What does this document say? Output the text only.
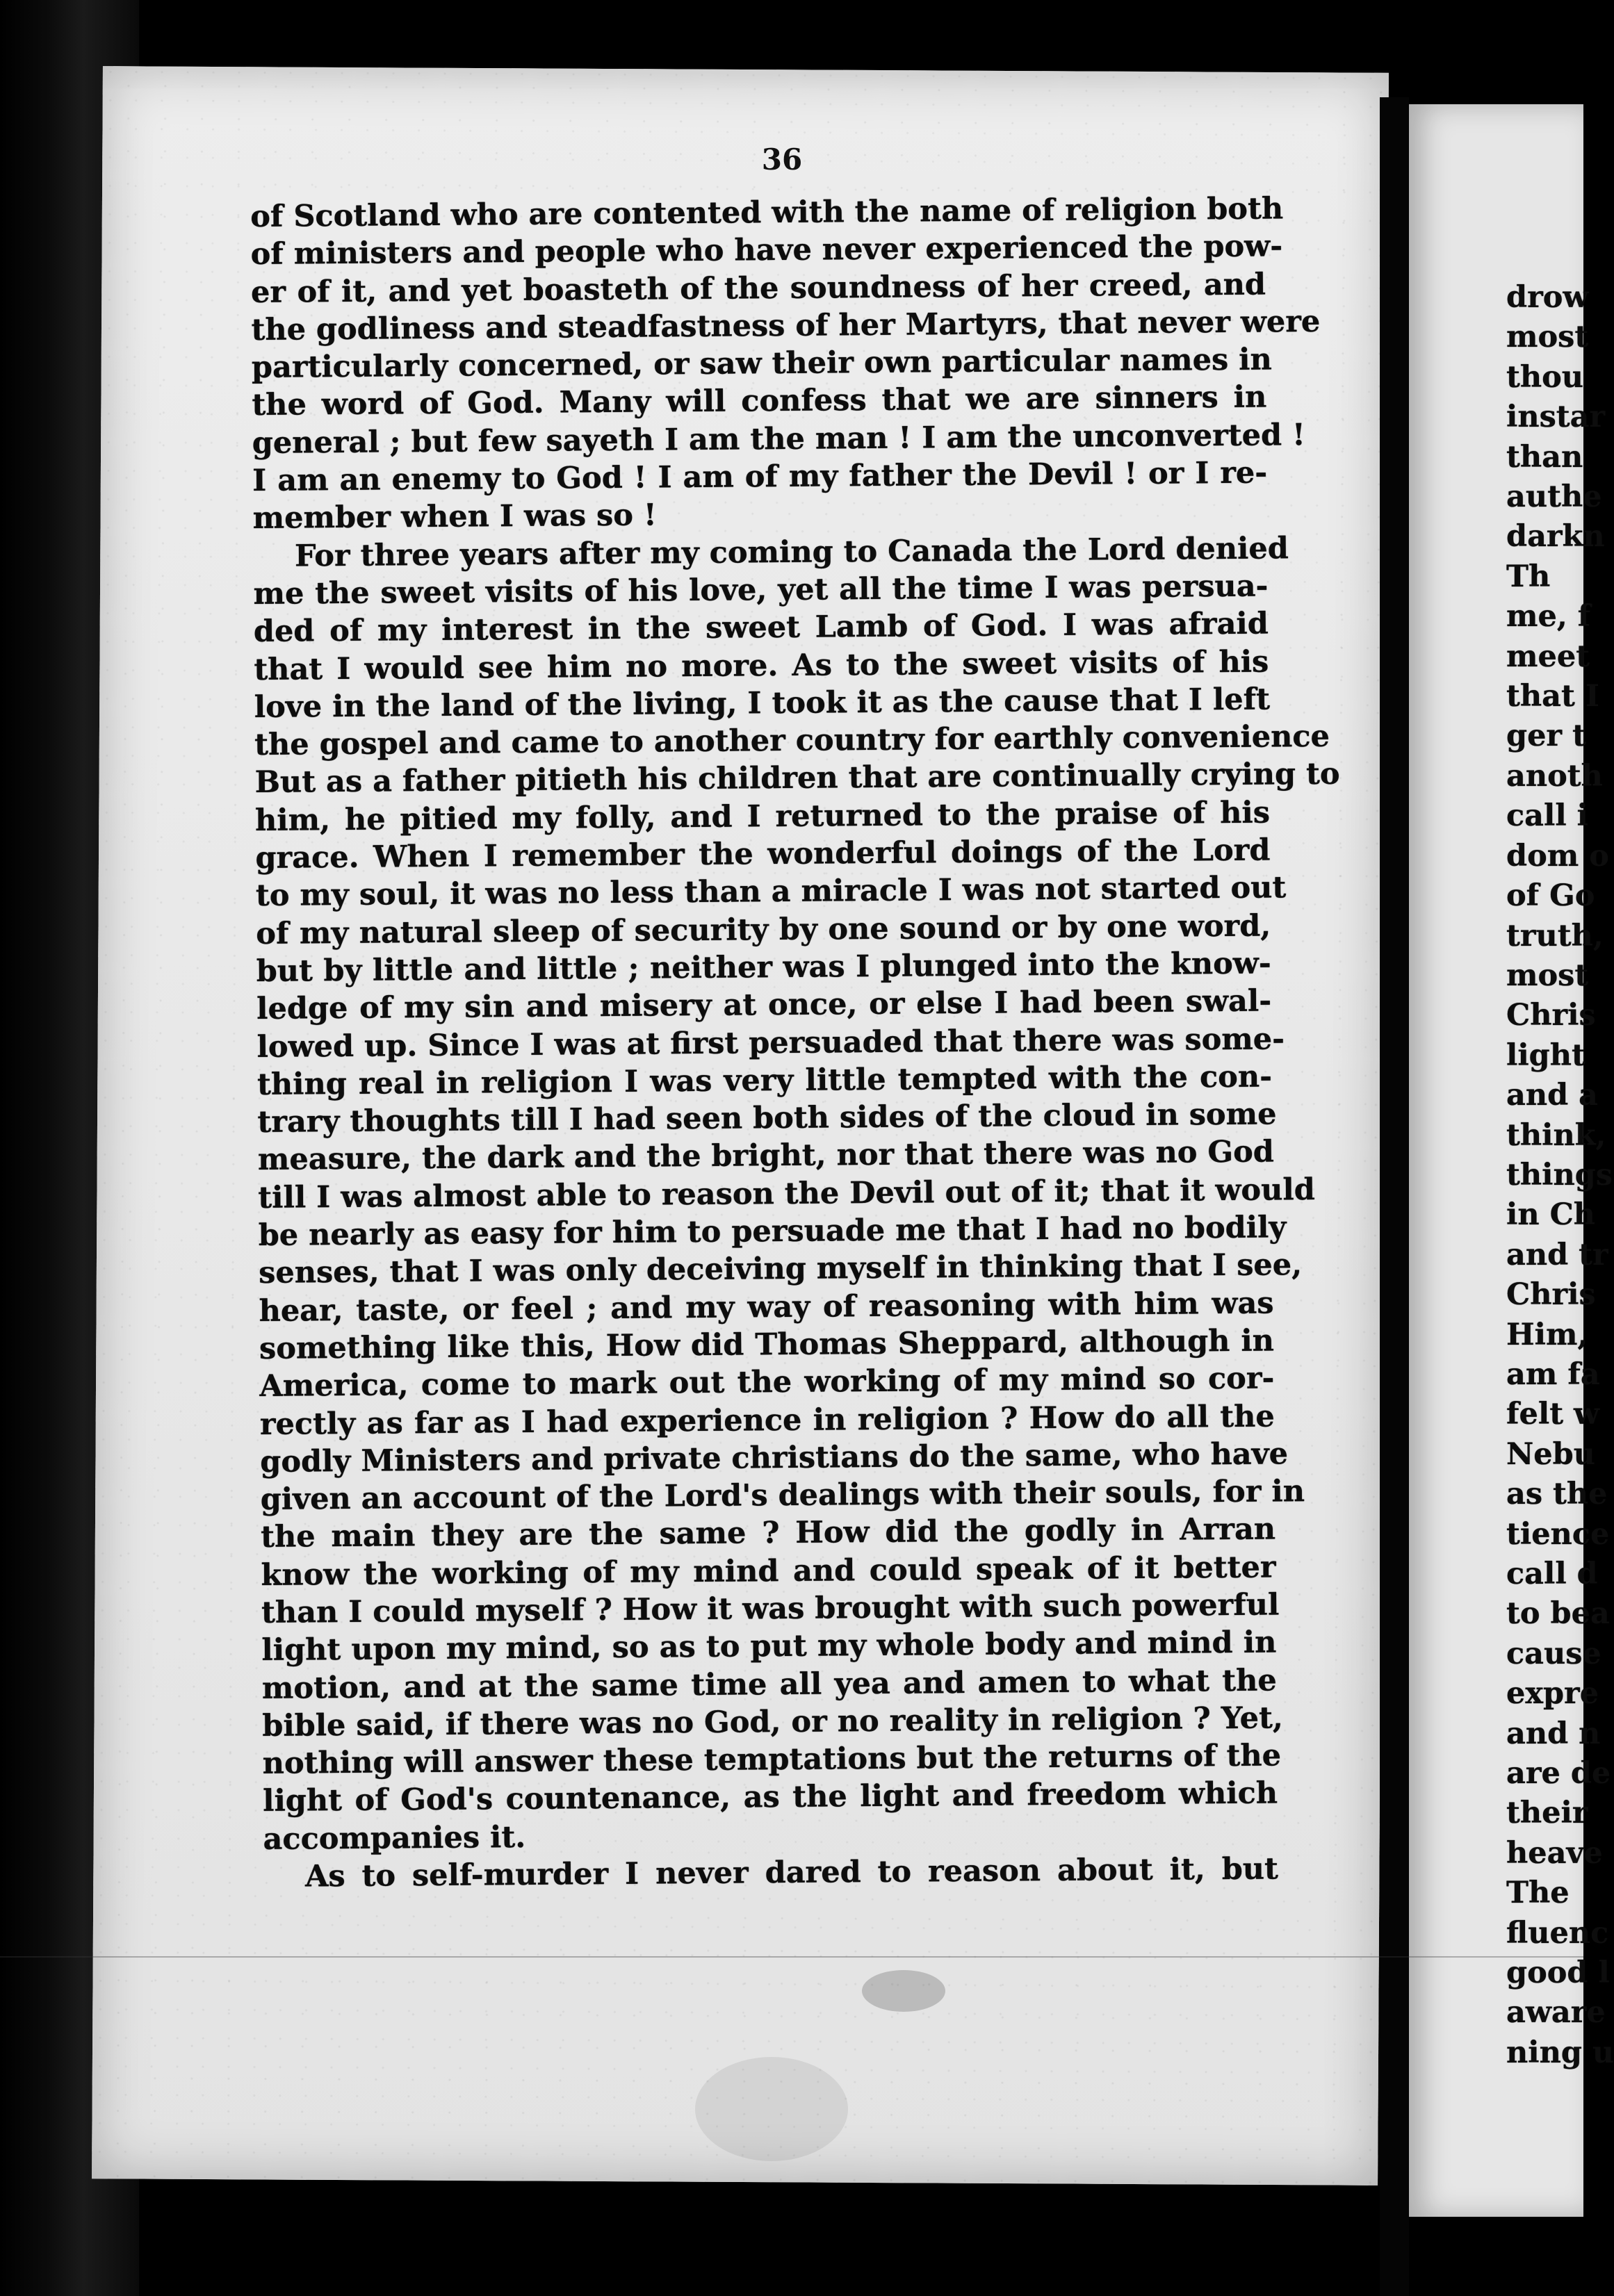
36
of Scotland who are contented with the name of religion both
of ministers and people who have never experienced the pow-
er of it, and yet boasteth of the soundness of her creed, and
the godliness and steadfastness of her Martyrs, that never were
particularly concerned, or saw their own particular names in
the word of God. Many will confess that we are sinners in
general ; but few sayeth I am the man ! I am the unconverted !
I am an enemy to God ! I am of my father the Devil ! or I re-
member when I was so !
For three years after my coming to Canada the Lord denied
me the sweet visits of his love, yet all the time I was persua-
ded of my interest in the sweet Lamb of God. I was afraid
that I would see him no more. As to the sweet visits of his
love in the land of the living, I took it as the cause that I left
the gospel and came to another country for earthly convenience
But as a father pitieth his children that are continually crying to
him, he pitied my folly, and I returned to the praise of his
grace. When I remember the wonderful doings of the Lord
to my soul, it was no less than a miracle I was not started out
of my natural sleep of security by one sound or by one word,
but by little and little ; neither was I plunged into the know-
ledge of my sin and misery at once, or else I had been swal-
lowed up. Since I was at first persuaded that there was some-
thing real in religion I was very little tempted with the con-
trary thoughts till I had seen both sides of the cloud in some
measure, the dark and the bright, nor that there was no God
till I was almost able to reason the Devil out of it; that it would
be nearly as easy for him to persuade me that I had no bodily
senses, that I was only deceiving myself in thinking that I see,
hear, taste, or feel ; and my way of reasoning with him was
something like this, How did Thomas Sheppard, although in
America, come to mark out the working of my mind so cor-
rectly as far as I had experience in religion ? How do all the
godly Ministers and private christians do the same, who have
given an account of the Lord's dealings with their souls, for in
the main they are the same ? How did the godly in Arran
know the working of my mind and could speak of it better
than I could myself ? How it was brought with such powerful
light upon my mind, so as to put my whole body and mind in
motion, and at the same time all yea and amen to what the
bible said, if there was no God, or no reality in religion ? Yet,
nothing will answer these temptations but the returns of the
light of God's countenance, as the light and freedom which
accompanies it.
As to self-murder I never dared to reason about it, but
drow
most
thou
instar
than
authe
darkn
Th
me, f
meet
that I
ger t
anoth
call i
dom o
of Go
truth,
most
Chris
light
and a
think,
things
in Ch
and tr
Chris
Him,
am fa
felt w
Nebu
as the
tience
call d
to bea
cause
expre
and n
are de
their
heave
The
fluenc
good l
aware
ning u
